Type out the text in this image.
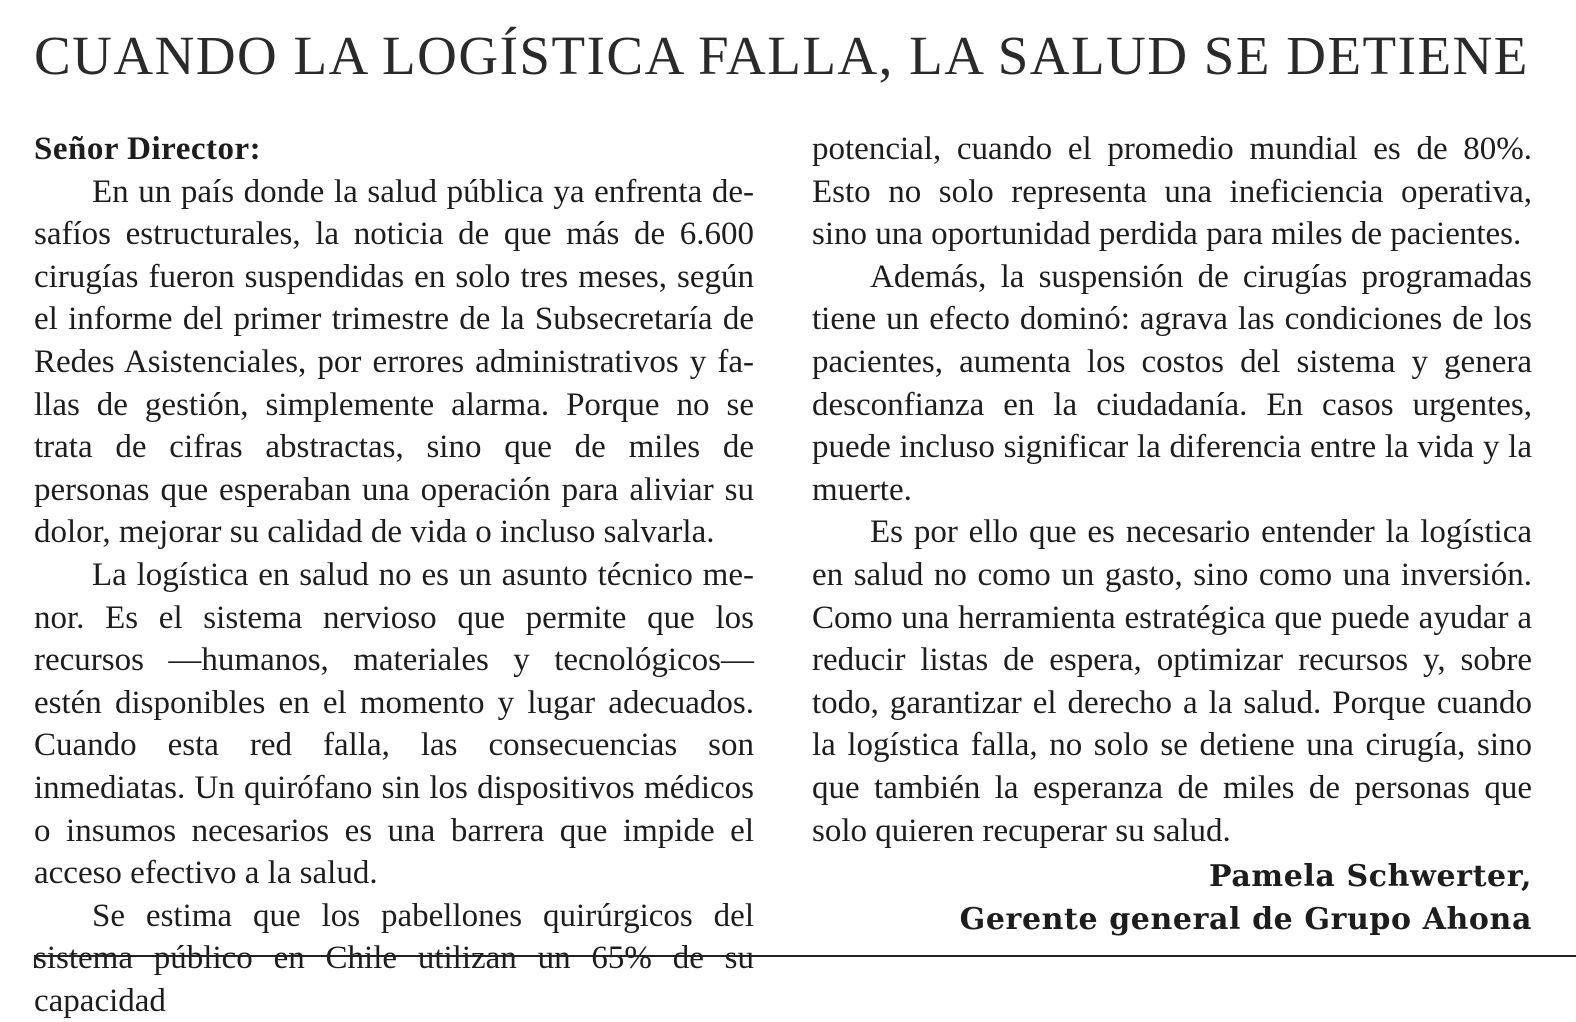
CUANDO LA LOGÍSTICA FALLA, LA SALUD SE DETIENE
Señor Director:

En un país donde la salud pública ya enfrenta desafíos estructurales, la noticia de que más de 6.600 cirugías fueron suspendidas en solo tres meses, según el informe del primer trimestre de la Subsecretaría de Redes Asistenciales, por errores administrativos y fallas de gestión, simplemente alarma. Porque no se trata de cifras abstractas, sino que de miles de personas que esperaban una operación para aliviar su dolor, mejorar su calidad de vida o incluso salvarla.

La logística en salud no es un asunto técnico menor. Es el sistema nervioso que permite que los recursos —humanos, materiales y tecnológicos— estén disponibles en el momento y lugar adecuados. Cuando esta red falla, las consecuencias son inmediatas. Un quirófano sin los dispositivos médicos o insumos necesarios es una barrera que impide el acceso efectivo a la salud.

Se estima que los pabellones quirúrgicos del sistema público en Chile utilizan un 65% de su capacidad

potencial, cuando el promedio mundial es de 80%. Esto no solo representa una ineficiencia operativa, sino una oportunidad perdida para miles de pacientes.

Además, la suspensión de cirugías programadas tiene un efecto dominó: agrava las condiciones de los pacientes, aumenta los costos del sistema y genera desconfianza en la ciudadanía. En casos urgentes, puede incluso significar la diferencia entre la vida y la muerte.

Es por ello que es necesario entender la logística en salud no como un gasto, sino como una inversión. Como una herramienta estratégica que puede ayudar a reducir listas de espera, optimizar recursos y, sobre todo, garantizar el derecho a la salud. Porque cuando la logística falla, no solo se detiene una cirugía, sino que también la esperanza de miles de personas que solo quieren recuperar su salud.

Pamela Schwerter,
Gerente general de Grupo Ahona
